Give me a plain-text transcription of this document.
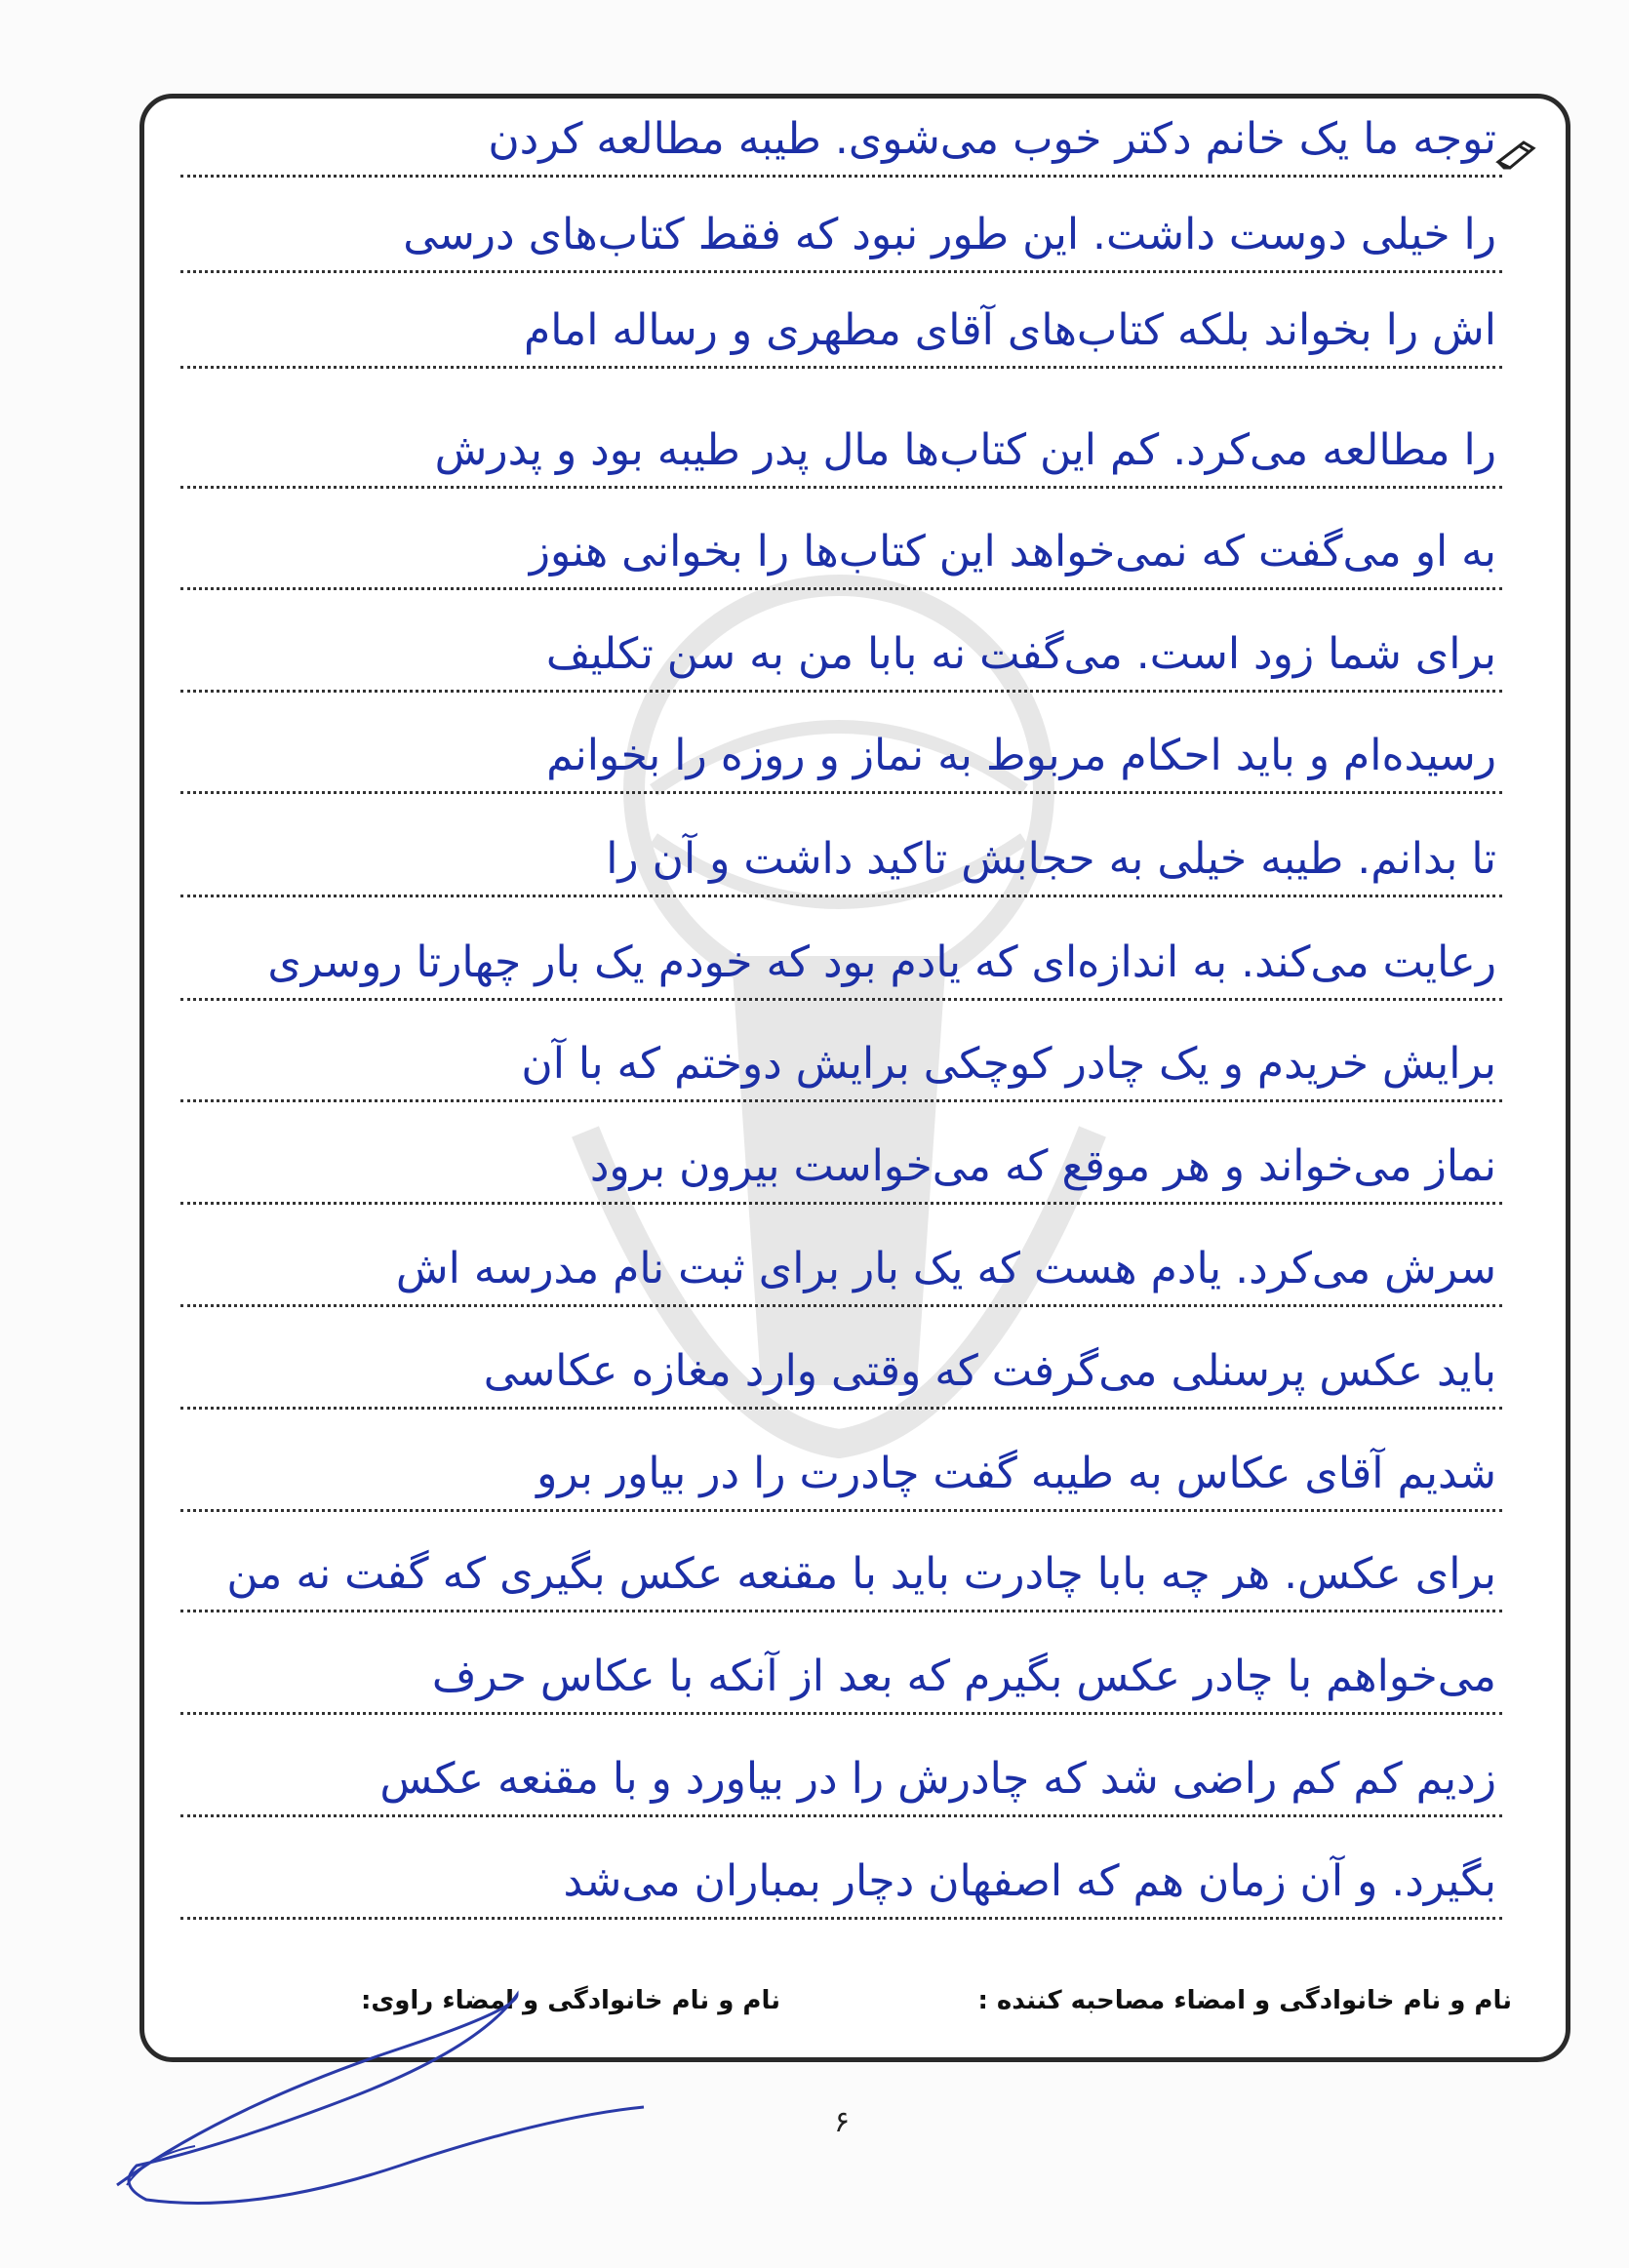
توجه ما یک خانم دکتر خوب می‌شوی. طیبه مطالعه کردن
را خیلی دوست داشت. این طور نبود که فقط کتاب‌های درسی
اش را بخواند بلکه کتاب‌های آقای مطهری و رساله امام
را مطالعه می‌کرد. کم این کتاب‌ها مال پدر طیبه بود و پدرش
به او می‌گفت که نمی‌خواهد این کتاب‌ها را بخوانی هنوز
برای شما زود است. می‌گفت نه بابا من به سن تکلیف
رسیده‌ام و باید احکام مربوط به نماز و روزه را بخوانم
تا بدانم. طیبه خیلی به حجابش تاکید داشت و آن را
رعایت می‌کند. به اندازه‌ای که یادم بود که خودم یک بار چهارتا روسری
برایش خریدم و یک چادر کوچکی برایش دوختم که با آن
نماز می‌خواند و هر موقع که می‌خواست بیرون برود
سرش می‌کرد. یادم هست که یک بار برای ثبت نام مدرسه اش
باید عکس پرسنلی می‌گرفت که وقتی وارد مغازه عکاسی
شدیم آقای عکاس به طیبه گفت چادرت را در بیاور برو
برای عکس. هر چه بابا چادرت باید با مقنعه عکس بگیری که گفت نه من
می‌خواهم با چادر عکس بگیرم که بعد از آنکه با عکاس حرف
زدیم کم کم راضی شد که چادرش را در بیاورد و با مقنعه عکس
بگیرد. و آن زمان هم که اصفهان دچار بمباران می‌شد
نام و نام خانوادگی و امضاء مصاحبه کننده :
نام و نام خانوادگی و امضاء راوی:
۶
